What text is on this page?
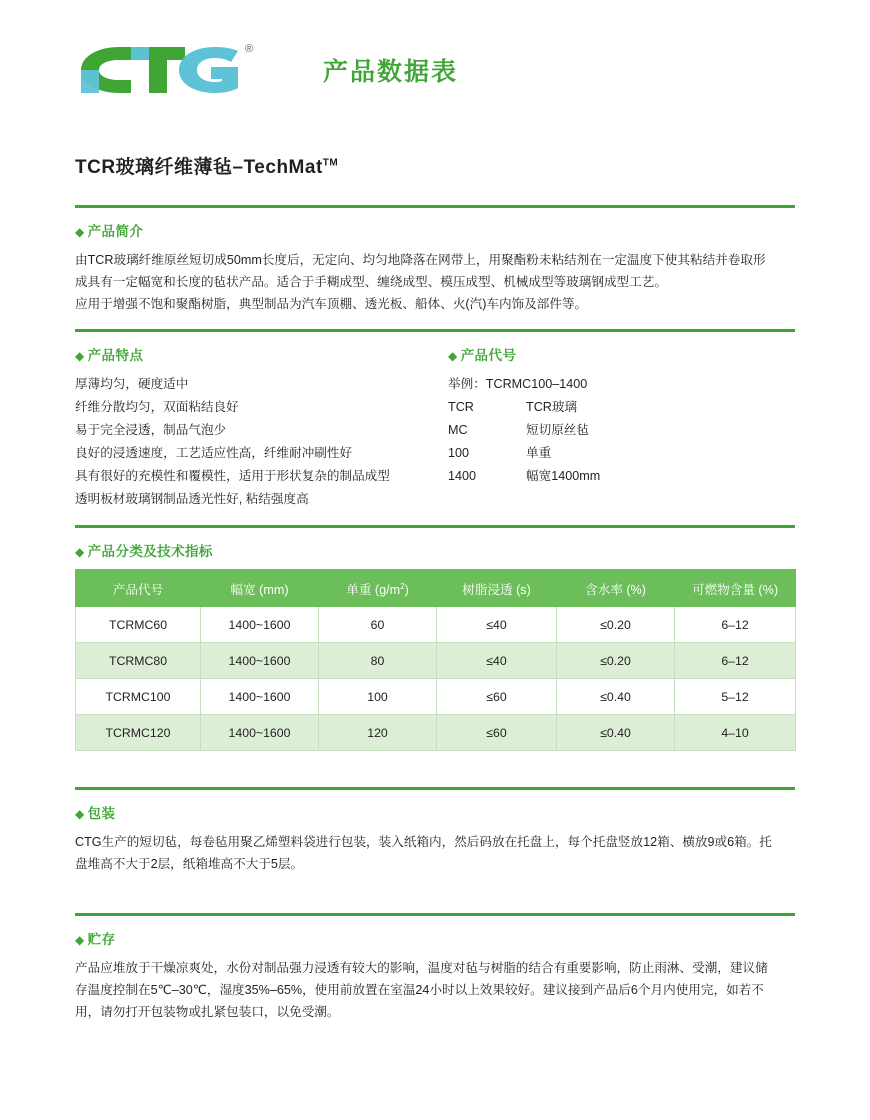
®
产品数据表
TCR玻璃纤维薄毡–TechMat™
◆ 产品简介

由TCR玻璃纤维原丝短切成50mm长度后，无定向、均匀地降落在网带上，用聚酯粉未粘结剂在一定温度下使其粘结并卷取形

成具有一定幅宽和长度的毡状产品。适合于手糊成型、缠绕成型、模压成型、机械成型等玻璃钢成型工艺。

应用于增强不饱和聚酯树脂，典型制品为汽车顶棚、透光板、船体、火(汽)车内饰及部件等。

◆ 产品特点
厚薄均匀，硬度适中
纤维分散均匀，双面粘结良好
易于完全浸透，制品气泡少
良好的浸透速度，工艺适应性高，纤维耐冲刷性好
具有很好的充模性和覆模性，适用于形状复杂的制品成型
透明板材玻璃钢制品透光性好, 粘结强度高
◆ 产品代号
举例：TCRMC100–1400
TCR	TCR玻璃
MC	短切原丝毡
100	单重
1400	幅宽1400mm
◆ 产品分类及技术指标
产品代号	幅宽 (mm)	单重 $(g/m^2)$	树脂浸透 (s)	含水率 (%)	可燃物含量 (%)
TCRMC60	1400~1600	60	≤40	≤0.20	6–12
TCRMC80	1400~1600	80	≤40	≤0.20	6–12
TCRMC100	1400~1600	100	≤60	≤0.40	5–12
TCRMC120	1400~1600	120	≤60	≤0.40	4–10
◆ 包装

CTG生产的短切毡，每卷毡用聚乙烯塑料袋进行包装，装入纸箱内，然后码放在托盘上，每个托盘竖放12箱、横放9或6箱。托

盘堆高不大于2层，纸箱堆高不大于5层。

◆ 贮存

产品应堆放于干燥凉爽处，水份对制品强力浸透有较大的影响，温度对毡与树脂的结合有重要影响，防止雨淋、受潮，建议储

存温度控制在5℃–30℃，湿度35%–65%，使用前放置在室温24小时以上效果较好。建议接到产品后6个月内使用完，如若不

用，请勿打开包装物或扎紧包装口，以免受潮。
